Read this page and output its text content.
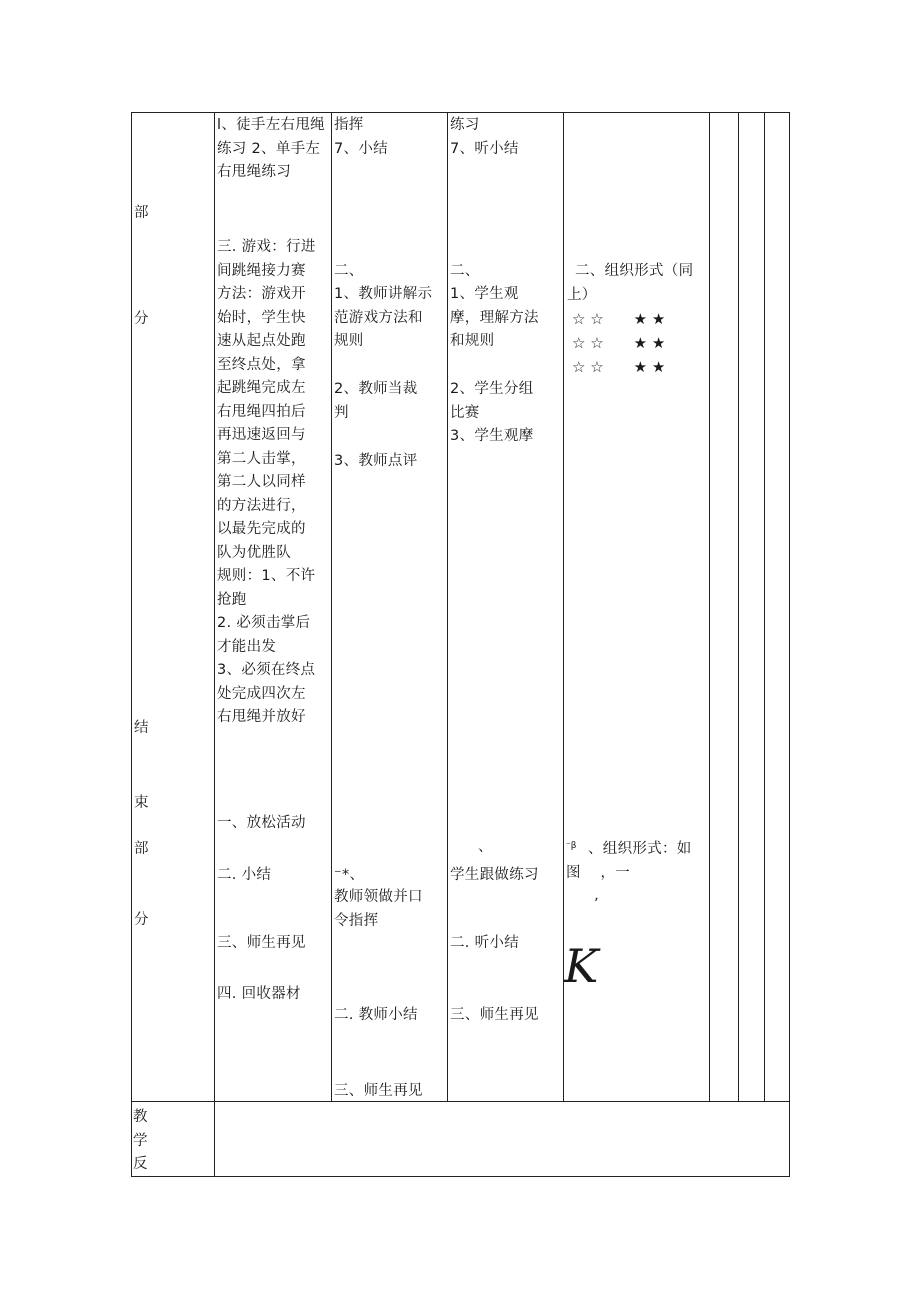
部
分
结
束
部
分
教
学
反
l、徒手左右甩绳
练习 2、单手左
右甩绳练习
三. 游戏：行进
间跳绳接力赛
方法：游戏开
始时，学生快
速从起点处跑
至终点处，拿
起跳绳完成左
右甩绳四拍后
再迅速返回与
第二人击掌，
第二人以同样
的方法进行，
以最先完成的
队为优胜队
规则：1、不许
抢跑
2. 必须击掌后
才能出发
3、必须在终点
处完成四次左
右甩绳并放好
一、放松活动
二. 小结
三、师生再见
四. 回收器材
指挥
7、小结
二、
1、教师讲解示
范游戏方法和
规则
2、教师当裁
判
3、教师点评
⁻*、
教师领做并口
令指挥
二. 教师小结
三、师生再见
练习
7、听小结
二、
1、学生观
摩，理解方法
和规则
2、学生分组
比赛
3、学生观摩
、
学生跟做练习
二. 听小结
三、师生再见
二、组织形式（同
上）
☆ ☆　　★ ★
☆ ☆　　★ ★
☆ ☆　　★ ★
⁻β 、组织形式：如
图　 ，一
ʼ
K
